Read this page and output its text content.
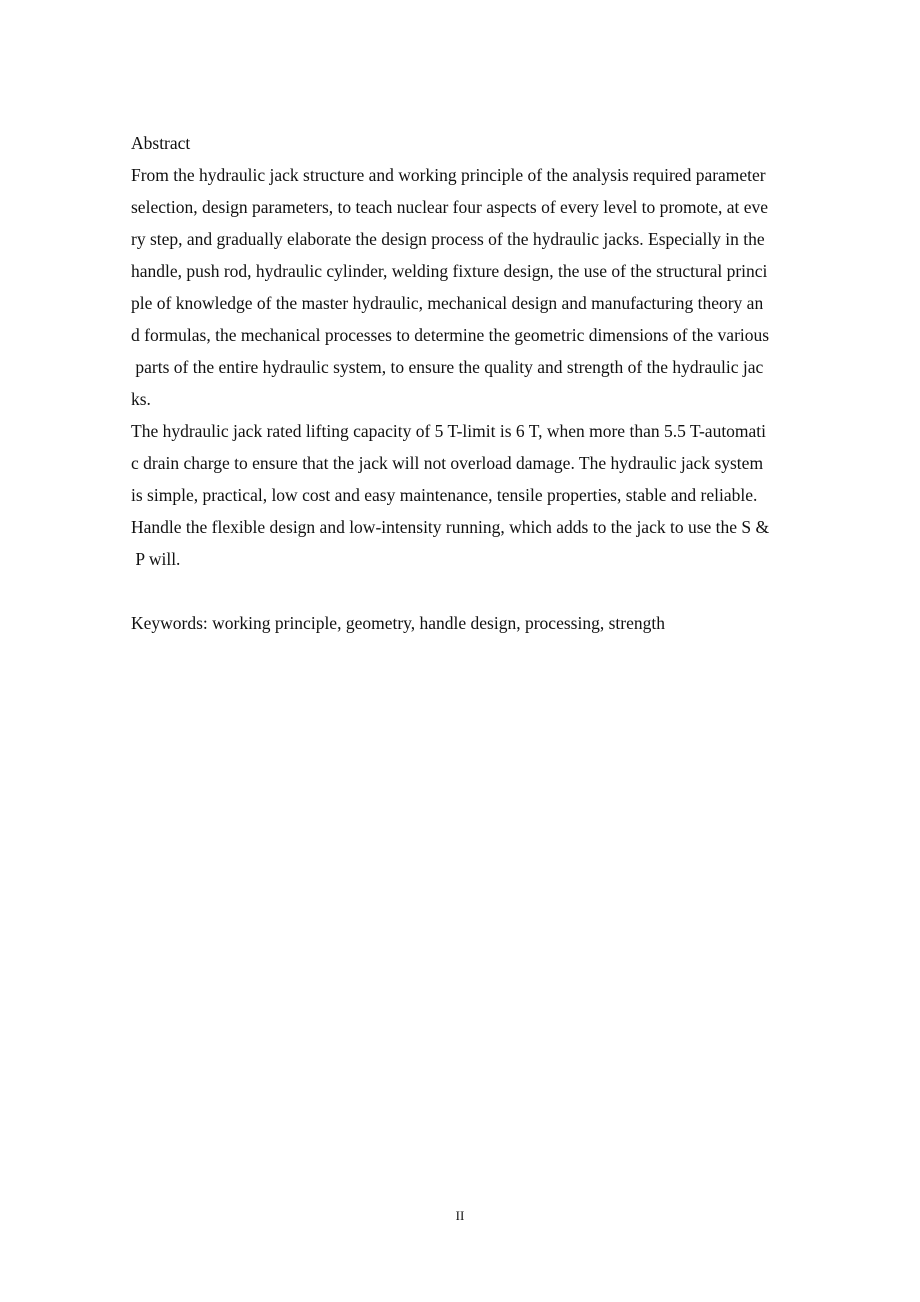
Abstract
From the hydraulic jack structure and working principle of the analysis required parameter
selection, design parameters, to teach nuclear four aspects of every level to promote, at eve
ry step, and gradually elaborate the design process of the hydraulic jacks. Especially in the
handle, push rod, hydraulic cylinder, welding fixture design, the use of the structural princi
ple of knowledge of the master hydraulic, mechanical design and manufacturing theory an
d formulas, the mechanical processes to determine the geometric dimensions of the various
parts of the entire hydraulic system, to ensure the quality and strength of the hydraulic jac
ks.
The hydraulic jack rated lifting capacity of 5 T-limit is 6 T, when more than 5.5 T-automati
c drain charge to ensure that the jack will not overload damage. The hydraulic jack system
is simple, practical, low cost and easy maintenance, tensile properties, stable and reliable.
Handle the flexible design and low-intensity running, which adds to the jack to use the S &
P will.
Keywords: working principle, geometry, handle design, processing, strength
II
